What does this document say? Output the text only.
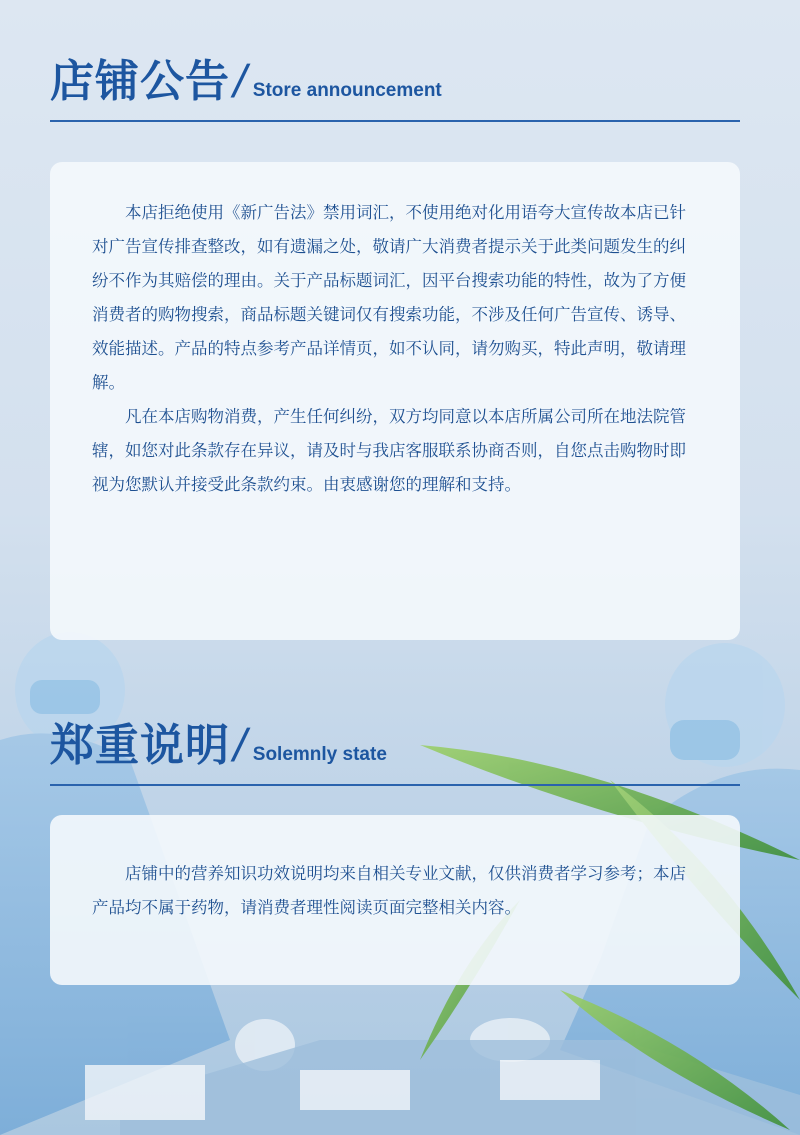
店铺公告
/ Store announcement

本店拒绝使用《新广告法》禁用词汇，不使用绝对化用语夸大宣传故本店已针对广告宣传排查整改，如有遗漏之处，敬请广大消费者提示关于此类问题发生的纠纷不作为其赔偿的理由。关于产品标题词汇，因平台搜索功能的特性，故为了方便消费者的购物搜索，商品标题关键词仅有搜索功能，不涉及任何广告宣传、诱导、效能描述。产品的特点参考产品详情页，如不认同，请勿购买，特此声明，敬请理解。

凡在本店购物消费，产生任何纠纷，双方均同意以本店所属公司所在地法院管辖，如您对此条款存在异议，请及时与我店客服联系协商否则，自您点击购物时即视为您默认并接受此条款约束。由衷感谢您的理解和支持。

郑重说明
/ Solemnly state

店铺中的营养知识功效说明均来自相关专业文献，仅供消费者学习参考；本店产品均不属于药物，请消费者理性阅读页面完整相关内容。
